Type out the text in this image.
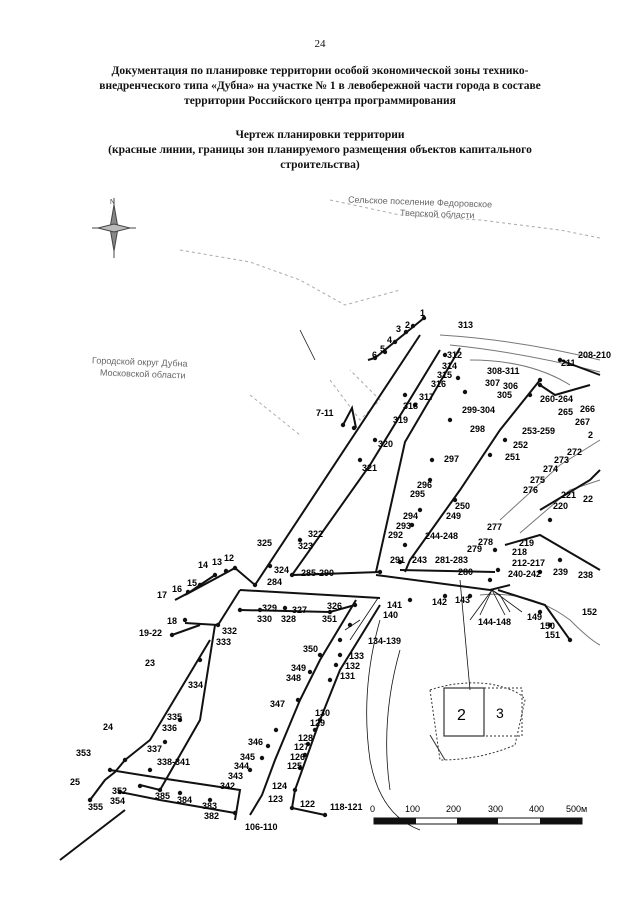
24
Документация по планировке территории особой экономической зоны технико-
внедренческого типа «Дубна» на участке № 1 в левобережной части города в составе
территории Российского центра программирования
Чертеж планировки территории
(красные линии, границы зон планируемого размещения объектов капитального
строительства)
Сельское поселение Федоровское
Тверской области
Городской округ Дубна
Московской области
N
2 3
1
2
3
4
5
6
7-11
12
13
14
15
16
17
18
19-22
23
24
25
106-110
118-121
122
123
124
125
126
127
128
129
130
131
132
133
134-139
140
141	142 143
144-148 149
150
151
152
208-210
211
212-217
218
219
220
221 22
238
239
240-242
243
244-248
249
250
251
252
253-259
260-264
265 266
267
2
272
273
274
275
276
277
278
279
280
281-283
284
285-290
291
292
293
294
295
296
297
298
299-304
305
306
307
308-311
312
313
314
315
316
317
318
319
320
321
322
323
324
325
326
327
328
329
330
332
333
334
335
336
337
338-341
342
343
344
345
346
347
348
349
350
351
352
353
354
355
382
383
384
385
0	100	200	300	400 500м
